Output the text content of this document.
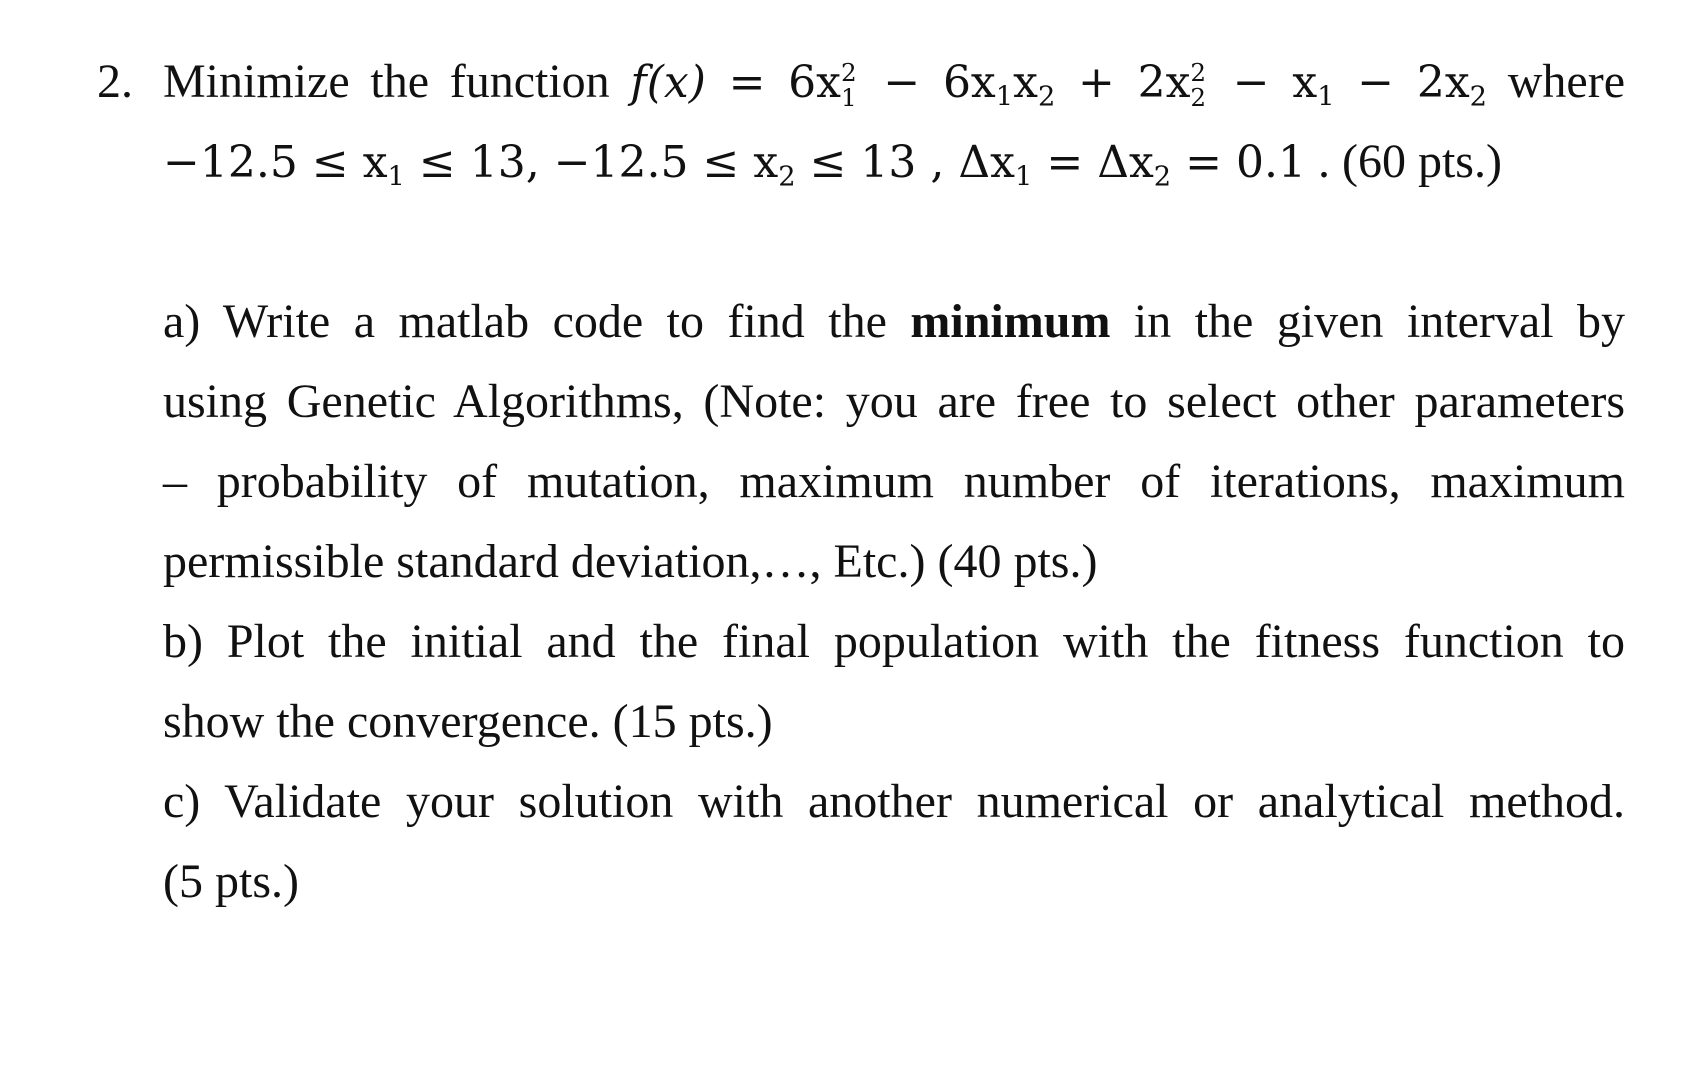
2. Minimize the function f(x) = 6x 2
$1 - 6x_1x_2 + 2x$ 2
$2 - x_1 - 2x_2$ where
$-12.5 \le x_1 \le 13$, $-12.5 \le x_2 \le 13$ , $\Delta x_1 = \Delta x_2 = 0.1$ . (60 pts.)
a) Write a matlab code to find the minimum in the given interval by
using Genetic Algorithms, (Note: you are free to select other parameters
– probability of mutation, maximum number of iterations, maximum
permissible standard deviation,…, Etc.) (40 pts.)
b) Plot the initial and the final population with the fitness function to
show the convergence. (15 pts.)
c) Validate your solution with another numerical or analytical method.
(5 pts.)
